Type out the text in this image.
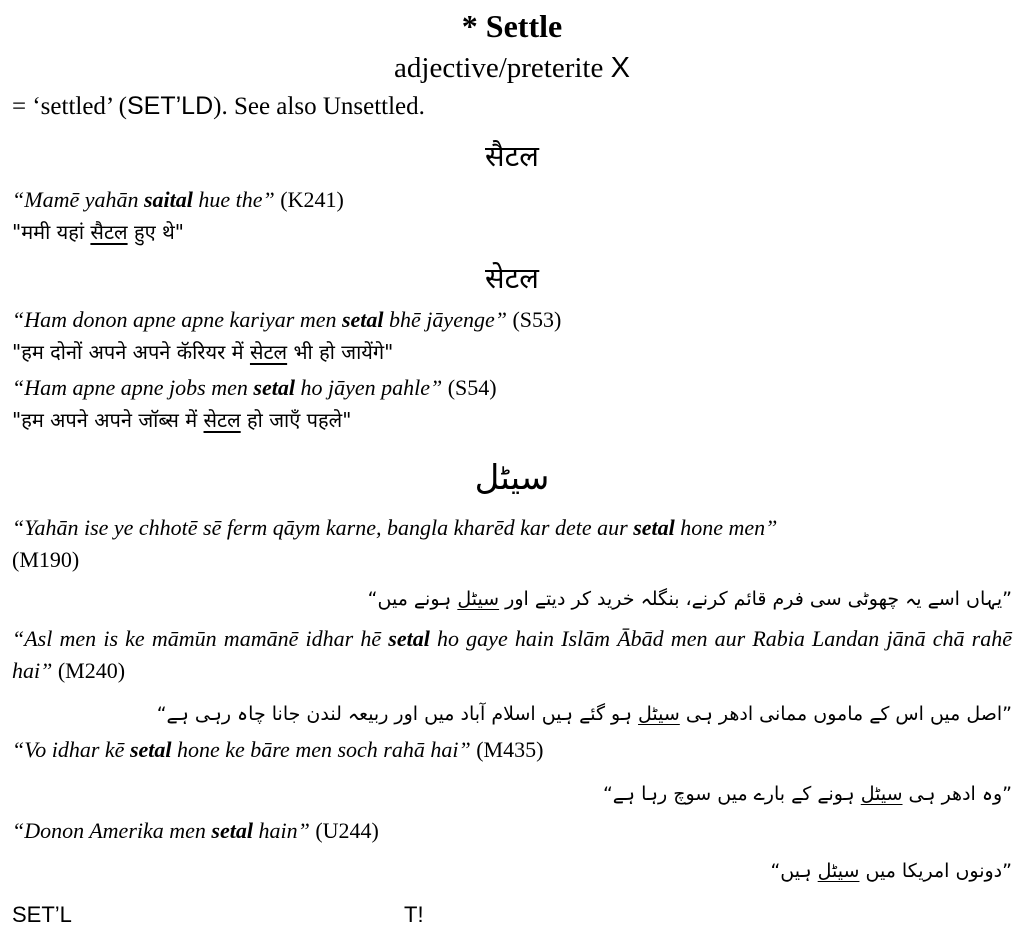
* Settle
adjective/preterite X
= ‘settled’ (SET’LD). See also Unsettled.
सैटल
“Mamē yahān saital hue the” (K241)
"ममी यहां सैटल हुए थे"
सेटल
“Ham donon apne apne kariyar men setal bhē jāyenge” (S53)
"हम दोनों अपने अपने कॅरियर में सेटल भी हो जायेंगे"
“Ham apne apne jobs men setal ho jāyen pahle” (S54)
"हम अपने अपने जॉब्स में सेटल हो जाएँ पहले"
سیٹل
“Yahān ise ye chhotē sē ferm qāym karne, bangla kharēd kar dete aur setal hone men”
(M190)
”یہاں اسے یہ چھوٹی سی فرم قائم کرنے، بنگلہ خرید کر دیتے اور سیٹل ہونے میں“
“Asl men is ke māmūn mamānē idhar hē setal ho gaye hain Islām Ābād men aur Rabia Landan jānā chā rahē hai” (M240)
”اصل میں اس کے ماموں ممانی ادھر ہی سیٹل ہو گئے ہیں اسلام آباد میں اور ربیعہ لندن جانا چاہ رہی ہے“
“Vo idhar kē setal hone ke bāre men soch rahā hai” (M435)
”وہ ادھر ہی سیٹل ہونے کے بارے میں سوچ رہا ہے“
“Donon Amerika men setal hain” (U244)
”دونوں امریکا میں سیٹل ہیں“
SET’L	T!
